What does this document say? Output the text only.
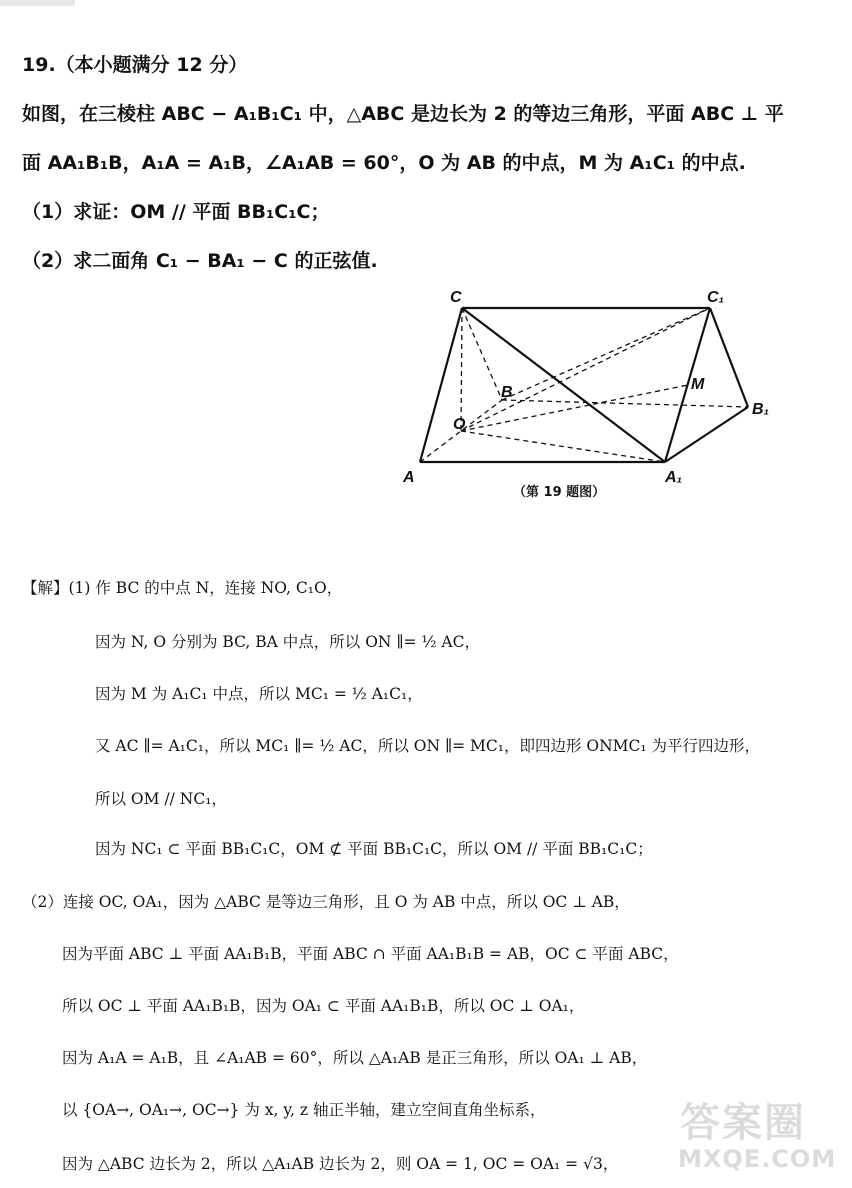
19.（本小题满分 12 分）
如图，在三棱柱 ABC − A₁B₁C₁ 中，△ABC 是边长为 2 的等边三角形，平面 ABC ⊥ 平
面 AA₁B₁B，A₁A = A₁B，∠A₁AB = 60°，O 为 AB 的中点，M 为 A₁C₁ 的中点.
（1）求证：OM // 平面 BB₁C₁C；
（2）求二面角 C₁ − BA₁ − C 的正弦值.
C	C₁
B	M
B₁
O
A	A₁
（第 19 题图）
【解】(1) 作 BC 的中点 N，连接 NO, C₁O，
因为 N, O 分别为 BC, BA 中点，所以 ON ∥= ½ AC，
因为 M 为 A₁C₁ 中点，所以 MC₁ = ½ A₁C₁，
又 AC ∥= A₁C₁，所以 MC₁ ∥= ½ AC，所以 ON ∥= MC₁，即四边形 ONMC₁ 为平行四边形，
所以 OM // NC₁，
因为 NC₁ ⊂ 平面 BB₁C₁C，OM ⊄ 平面 BB₁C₁C，所以 OM // 平面 BB₁C₁C；
（2）连接 OC, OA₁，因为 △ABC 是等边三角形，且 O 为 AB 中点，所以 OC ⊥ AB，
因为平面 ABC ⊥ 平面 AA₁B₁B，平面 ABC ∩ 平面 AA₁B₁B = AB，OC ⊂ 平面 ABC，
所以 OC ⊥ 平面 AA₁B₁B，因为 OA₁ ⊂ 平面 AA₁B₁B，所以 OC ⊥ OA₁，
因为 A₁A = A₁B，且 ∠A₁AB = 60°，所以 △A₁AB 是正三角形，所以 OA₁ ⊥ AB，
以 {OA→, OA₁→, OC→} 为 x, y, z 轴正半轴，建立空间直角坐标系，
因为 △ABC 边长为 2，所以 △A₁AB 边长为 2，则 OA = 1, OC = OA₁ = √3，
答案圈
MXQE.COM
